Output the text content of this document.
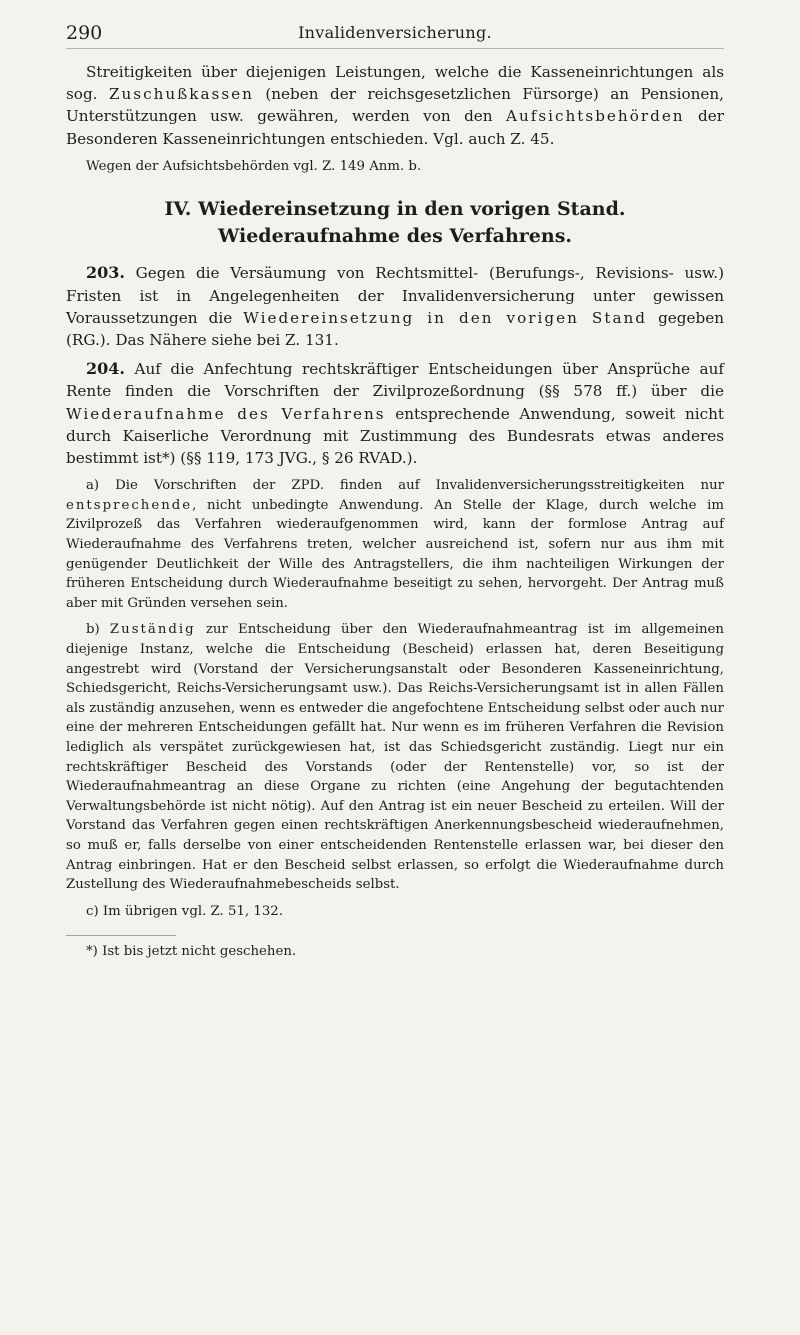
290	Invalidenversicherung.

Streitigkeiten über diejenigen Leistungen, welche die Kasseneinrichtungen als sog. Zuschußkassen (neben der reichsgesetzlichen Fürsorge) an Pensionen, Unterstützungen usw. gewähren, werden von den Aufsichtsbehörden der Besonderen Kasseneinrichtungen entschieden. Vgl. auch Z. 45.

Wegen der Aufsichtsbehörden vgl. Z. 149 Anm. b.

IV. Wiedereinsetzung in den vorigen Stand.
Wiederaufnahme des Verfahrens.

203. Gegen die Versäumung von Rechtsmittel- (Berufungs-, Revisions- usw.) Fristen ist in Angelegenheiten der Invalidenversicherung unter gewissen Voraussetzungen die Wiedereinsetzung in den vorigen Stand gegeben (RG.). Das Nähere siehe bei Z. 131.

204. Auf die Anfechtung rechtskräftiger Entscheidungen über Ansprüche auf Rente finden die Vorschriften der Zivilprozeßordnung (§§ 578 ff.) über die Wiederaufnahme des Verfahrens entsprechende Anwendung, soweit nicht durch Kaiserliche Verordnung mit Zustimmung des Bundesrats etwas anderes bestimmt ist*) (§§ 119, 173 JVG., § 26 RVAD.).

a) Die Vorschriften der ZPD. finden auf Invalidenversicherungsstreitigkeiten nur entsprechende, nicht unbedingte Anwendung. An Stelle der Klage, durch welche im Zivilprozeß das Verfahren wiederaufgenommen wird, kann der formlose Antrag auf Wiederaufnahme des Verfahrens treten, welcher ausreichend ist, sofern nur aus ihm mit genügender Deutlichkeit der Wille des Antragstellers, die ihm nachteiligen Wirkungen der früheren Entscheidung durch Wiederaufnahme beseitigt zu sehen, hervorgeht. Der Antrag muß aber mit Gründen versehen sein.

b) Zuständig zur Entscheidung über den Wiederaufnahmeantrag ist im allgemeinen diejenige Instanz, welche die Entscheidung (Bescheid) erlassen hat, deren Beseitigung angestrebt wird (Vorstand der Versicherungsanstalt oder Besonderen Kasseneinrichtung, Schiedsgericht, Reichs-Versicherungsamt usw.). Das Reichs-Versicherungsamt ist in allen Fällen als zuständig anzusehen, wenn es entweder die angefochtene Entscheidung selbst oder auch nur eine der mehreren Entscheidungen gefällt hat. Nur wenn es im früheren Verfahren die Revision lediglich als verspätet zurückgewiesen hat, ist das Schiedsgericht zuständig. Liegt nur ein rechtskräftiger Bescheid des Vorstands (oder der Rentenstelle) vor, so ist der Wiederaufnahmeantrag an diese Organe zu richten (eine Angehung der begutachtenden Verwaltungsbehörde ist nicht nötig). Auf den Antrag ist ein neuer Bescheid zu erteilen. Will der Vorstand das Verfahren gegen einen rechtskräftigen Anerkennungsbescheid wiederaufnehmen, so muß er, falls derselbe von einer entscheidenden Rentenstelle erlassen war, bei dieser den Antrag einbringen. Hat er den Bescheid selbst erlassen, so erfolgt die Wiederaufnahme durch Zustellung des Wiederaufnahmebescheids selbst.

c) Im übrigen vgl. Z. 51, 132.

*) Ist bis jetzt nicht geschehen.
